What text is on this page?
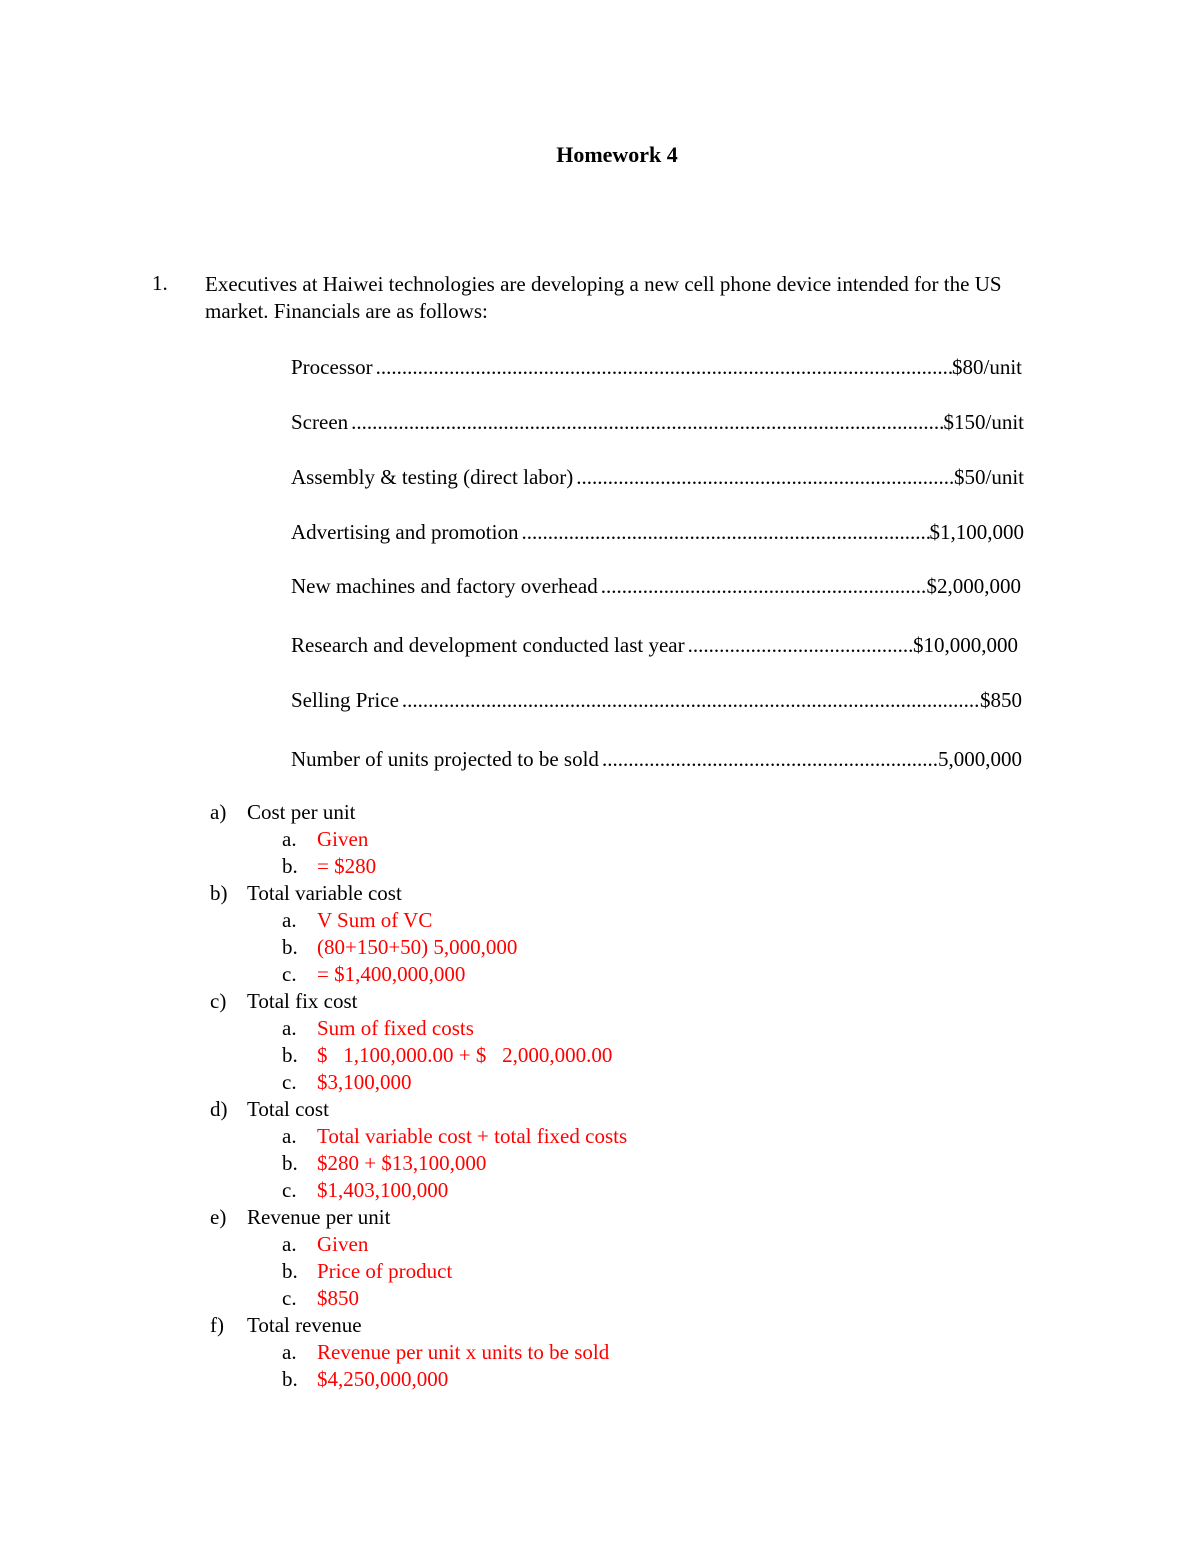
Homework 4
1. Executives at Haiwei technologies are developing a new cell phone device intended for the US market. Financials are as follows:
Processor .....	$80/unit
Screen .....	$150/unit
Assembly & testing (direct labor) .....	$50/unit
Advertising and promotion .....	$1,100,000
New machines and factory overhead .....	$2,000,000
Research and development conducted last year .....	$10,000,000
Selling Price .....	$850
Number of units projected to be sold .....	5,000,000
a) Cost per unit
a. Given
b. = $280
b) Total variable cost
a. V Sum of VC
b. (80+150+50) 5,000,000
c. = $1,400,000,000
c) Total fix cost
a. Sum of fixed costs
b. $   1,100,000.00 + $   2,000,000.00
c. $3,100,000
d) Total cost
a. Total variable cost + total fixed costs
b. $280 + $13,100,000
c. $1,403,100,000
e) Revenue per unit
a. Given
b. Price of product
c. $850
f) Total revenue
a. Revenue per unit x units to be sold
b. $4,250,000,000
